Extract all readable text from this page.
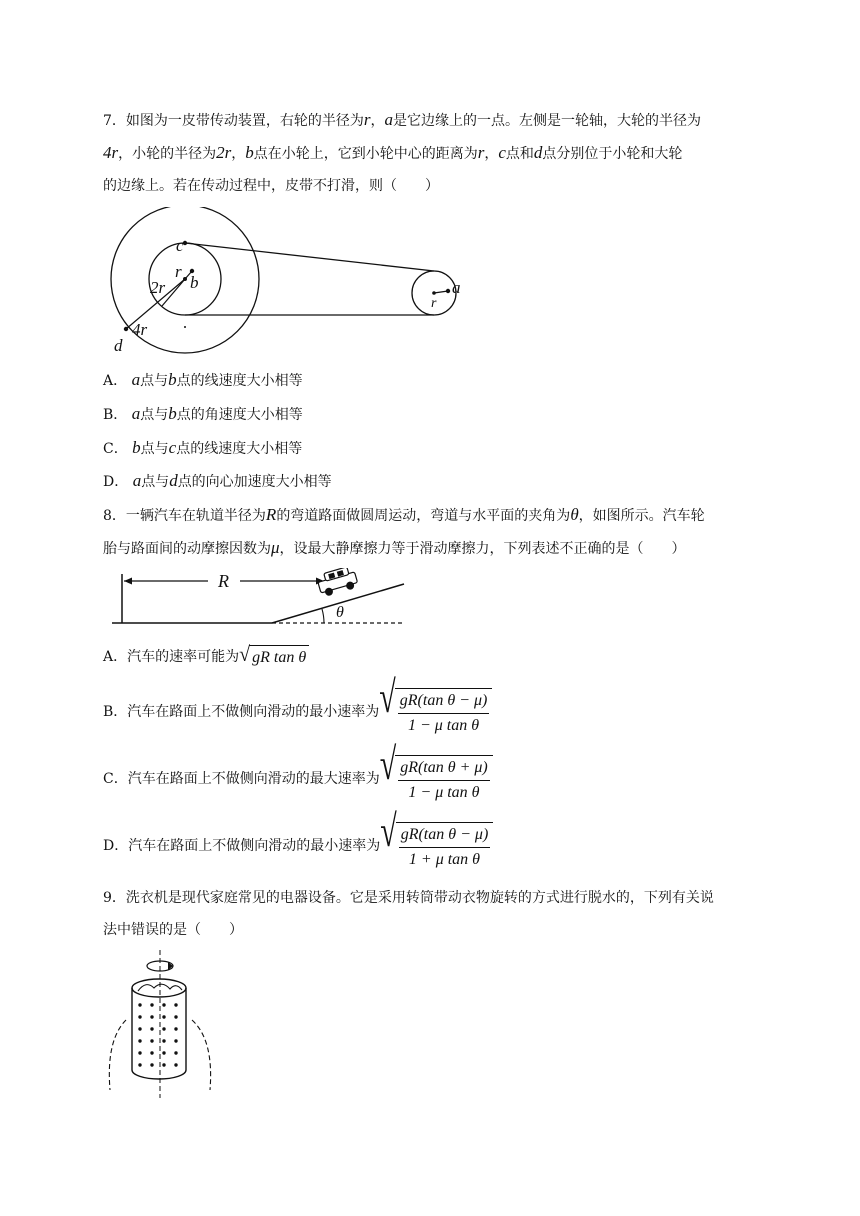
7．如图为一皮带传动装置，右轮的半径为r，a是它边缘上的一点。左侧是一轮轴，大轮的半径为
4r，小轮的半径为2r，b点在小轮上，它到小轮中心的距离为r，c点和d点分别位于小轮和大轮
的边缘上。若在传动过程中，皮带不打滑，则（　　）
c
r
b
2r
4r
d
a
r
A． a点与b点的线速度大小相等
B． a点与b点的角速度大小相等
C． b点与c点的线速度大小相等
D． a点与d点的向心加速度大小相等
8．一辆汽车在轨道半径为R的弯道路面做圆周运动，弯道与水平面的夹角为θ，如图所示。汽车轮
胎与路面间的动摩擦因数为μ，设最大静摩擦力等于滑动摩擦力，下列表述不正确的是（　　）
R
θ
A．汽车的速率可能为 √ gR tan θ
B．汽车在路面上不做侧向滑动的最小速率为 √ $\frac{\text{gR(tan θ − μ)}}{\text{1 − μ tan θ}}$
C．汽车在路面上不做侧向滑动的最大速率为 √ $\frac{\text{gR(tan θ + μ)}}{\text{1 − μ tan θ}}$
D．汽车在路面上不做侧向滑动的最小速率为 √ $\frac{\text{gR(tan θ − μ)}}{\text{1 + μ tan θ}}$
9．洗衣机是现代家庭常见的电器设备。它是采用转筒带动衣物旋转的方式进行脱水的，下列有关说
法中错误的是（　　）
